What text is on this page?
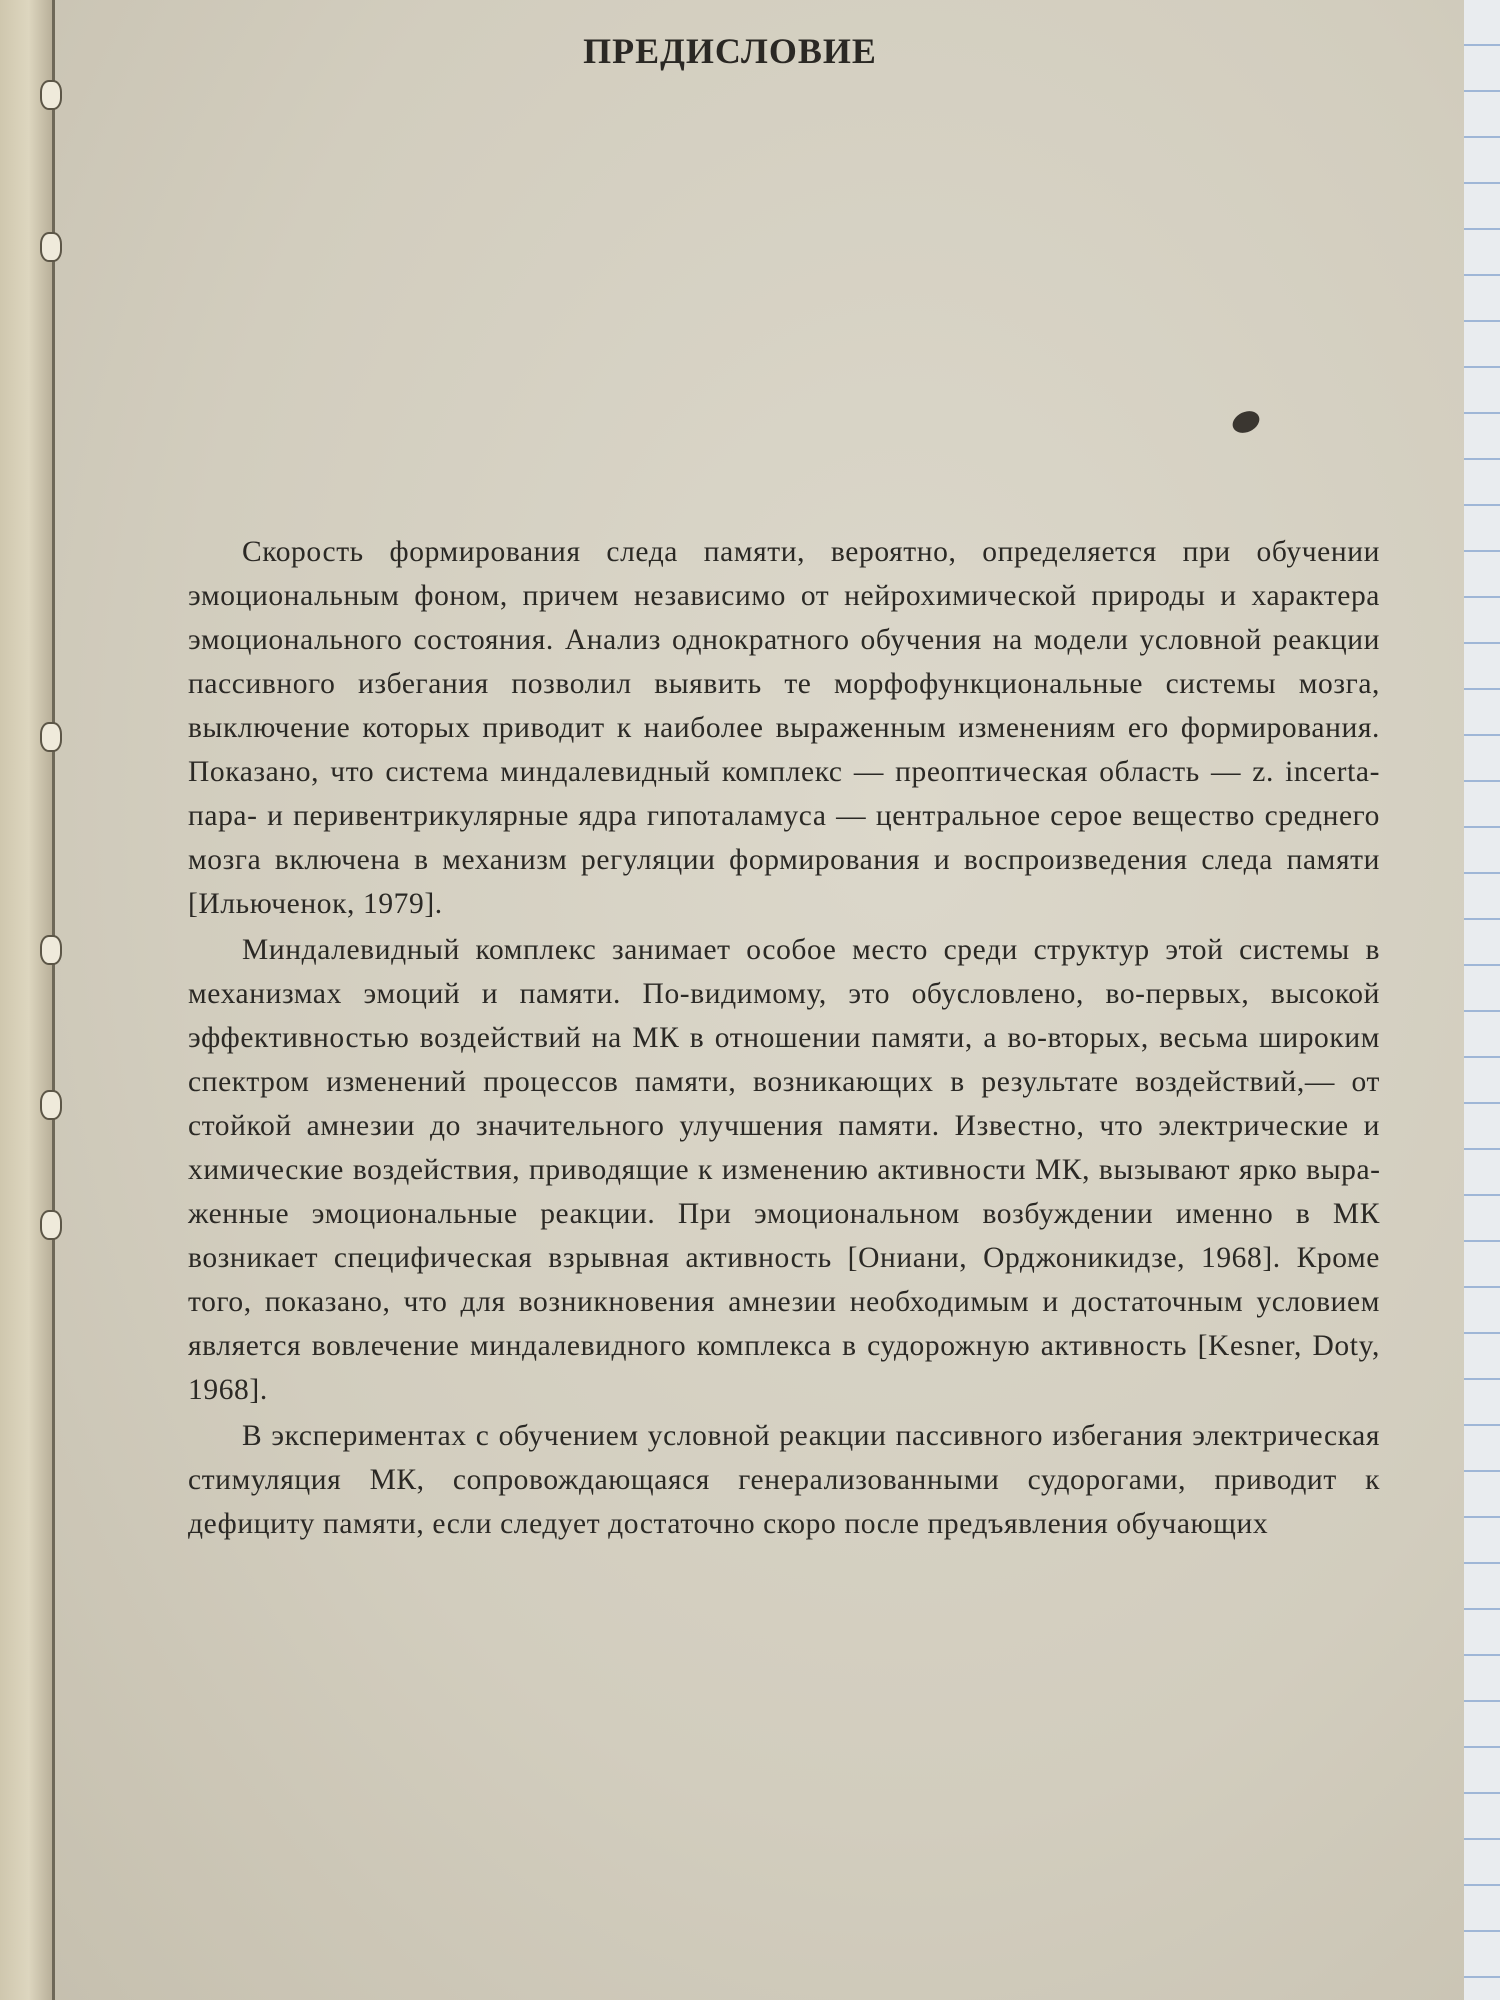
ПРЕДИСЛОВИЕ

Скорость формирования следа памяти, вероятно, определяется при обучении эмоциональным фоном, причем независимо от нейрохимической природы и характера эмоционального состояния. Анализ однократного обучения на модели условной реакции пассивного избегания позволил выявить те морфофункциональные системы мозга, выключение которых приводит к наиболее выраженным изменениям его формирования. Показано, что система миндалевидный комплекс — преоптическая область — z. incerta-пара- и перивентрикулярные ядра гипоталамуса — центральное серое вещество среднего мозга включена в механизм регуляции формирования и воспроизведения следа памяти [Ильюченок, 1979].

Миндалевидный комплекс занимает особое место среди структур этой системы в механизмах эмоций и памяти. По-видимому, это обусловлено, во-первых, высокой эффективностью воздействий на МК в отношении памяти, а во-вторых, весьма широким спектром изменений процессов памяти, возникающих в результате воздействий,— от стойкой амнезии до значительного улучшения памяти. Известно, что электрические и химические воздействия, приводящие к изменению активности МК, вызывают ярко выраженные эмоциональные реакции. При эмоциональном возбуждении именно в МК возникает специфическая взрывная активность [Ониани, Орджоникидзе, 1968]. Кроме того, показано, что для возникновения амнезии необходимым и достаточным условием является вовлечение миндалевидного комплекса в судорожную активность [Kesner, Doty, 1968].

В экспериментах с обучением условной реакции пассивного избегания электрическая стимуляция МК, сопровождающаяся генерализованными судорогами, приводит к дефициту памяти, если следует достаточно скоро после предъявления обучающих
